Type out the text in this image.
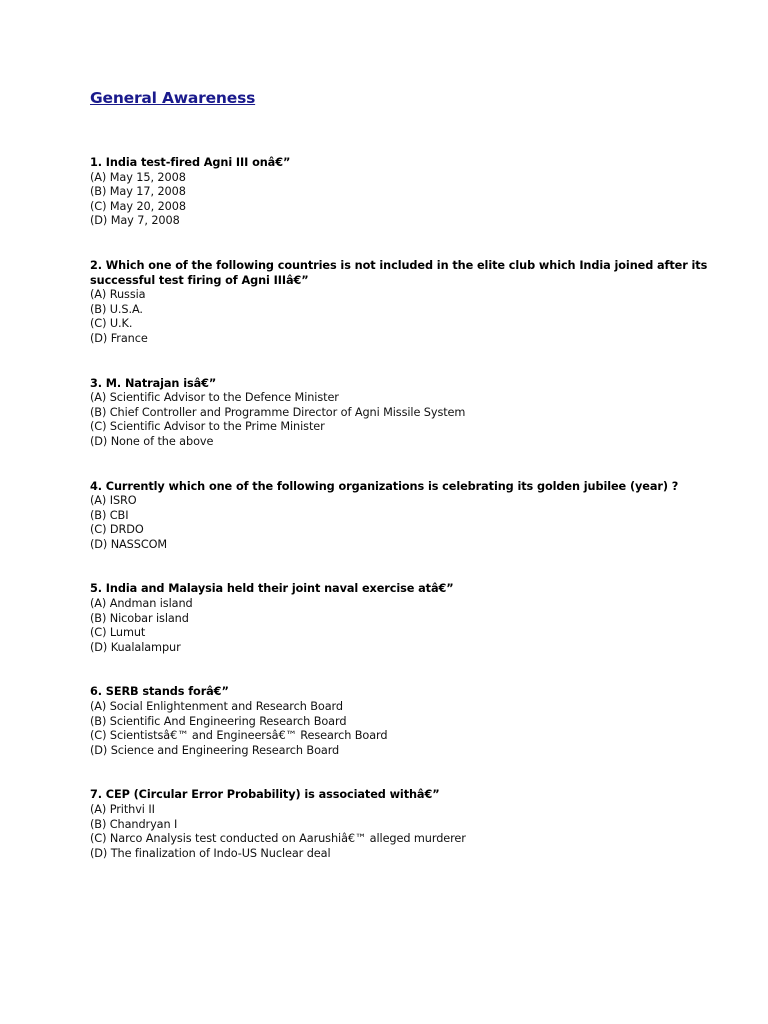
General Awareness
1. India test-fired Agni III onâ€”
(A) May 15, 2008
(B) May 17, 2008
(C) May 20, 2008
(D) May 7, 2008
2. Which one of the following countries is not included in the elite club which India joined after its successful test firing of Agni IIIâ€”
(A) Russia
(B) U.S.A.
(C) U.K.
(D) France
3. M. Natrajan isâ€”
(A) Scientific Advisor to the Defence Minister
(B) Chief Controller and Programme Director of Agni Missile System
(C) Scientific Advisor to the Prime Minister
(D) None of the above
4. Currently which one of the following organizations is celebrating its golden jubilee (year) ?
(A) ISRO
(B) CBI
(C) DRDO
(D) NASSCOM
5. India and Malaysia held their joint naval exercise atâ€”
(A) Andman island
(B) Nicobar island
(C) Lumut
(D) Kualalampur
6. SERB stands forâ€”
(A) Social Enlightenment and Research Board
(B) Scientific And Engineering Research Board
(C) Scientistsâ€™ and Engineersâ€™ Research Board
(D) Science and Engineering Research Board
7. CEP (Circular Error Probability) is associated withâ€”
(A) Prithvi II
(B) Chandryan I
(C) Narco Analysis test conducted on Aarushiâ€™ alleged murderer
(D) The finalization of Indo-US Nuclear deal
